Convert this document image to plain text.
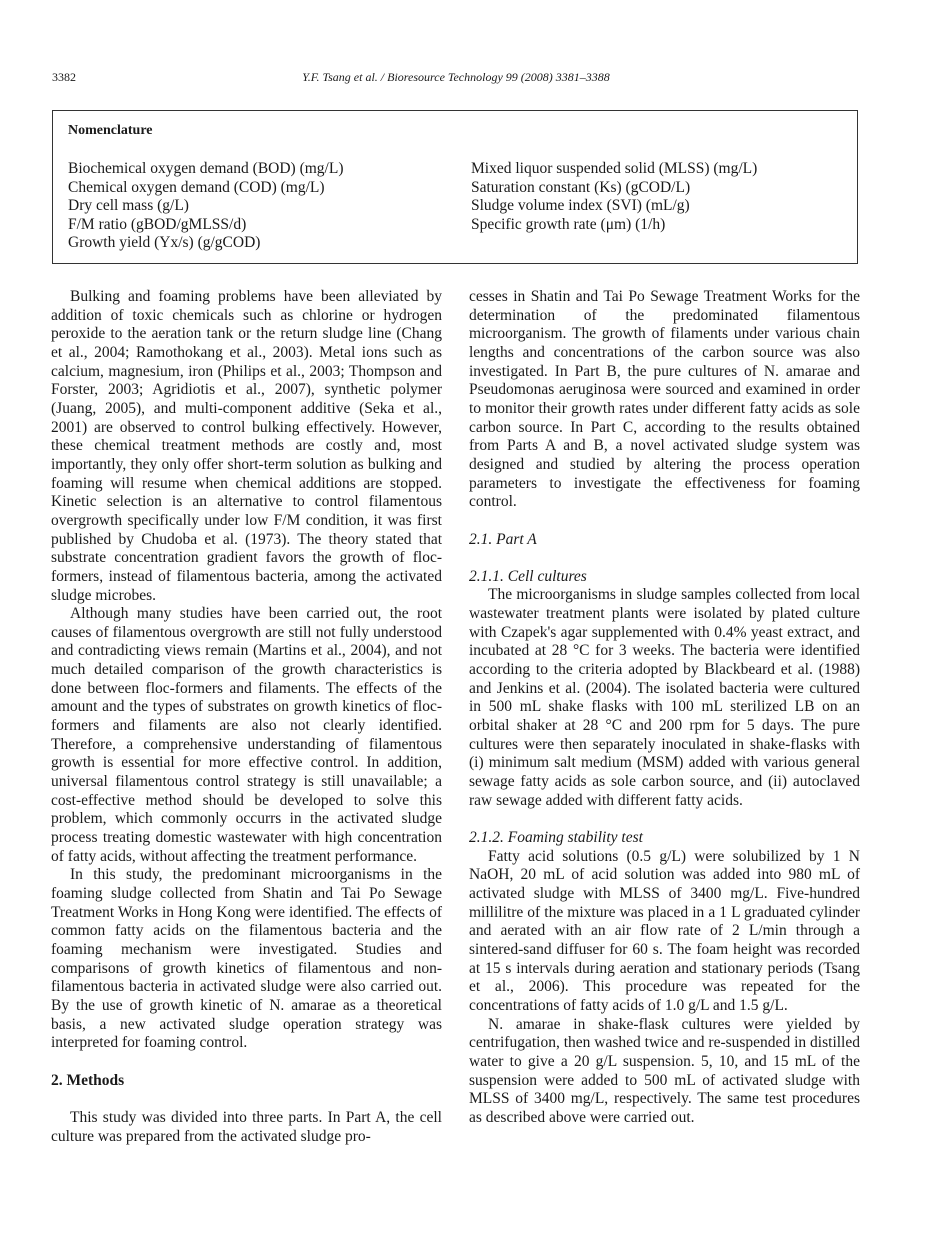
3382	Y.F. Tsang et al. / Bioresource Technology 99 (2008) 3381–3388
Nomenclature
Biochemical oxygen demand (BOD) (mg/L)
Chemical oxygen demand (COD) (mg/L)
Dry cell mass (g/L)
F/M ratio (gBOD/gMLSS/d)
Growth yield (Yx/s) (g/gCOD)
Mixed liquor suspended solid (MLSS) (mg/L)
Saturation constant (Ks) (gCOD/L)
Sludge volume index (SVI) (mL/g)
Specific growth rate (μm) (1/h)

Bulking and foaming problems have been alleviated by addition of toxic chemicals such as chlorine or hydrogen peroxide to the aeration tank or the return sludge line (Chang et al., 2004; Ramothokang et al., 2003). Metal ions such as calcium, magnesium, iron (Philips et al., 2003; Thompson and Forster, 2003; Agridiotis et al., 2007), synthetic polymer (Juang, 2005), and multi-component additive (Seka et al., 2001) are observed to control bulking effectively. However, these chemical treatment methods are costly and, most importantly, they only offer short-term solution as bulking and foaming will resume when chemical additions are stopped. Kinetic selection is an alternative to control filamentous overgrowth specifically under low F/M condition, it was first published by Chudoba et al. (1973). The theory stated that substrate concentration gradient favors the growth of floc-formers, instead of filamentous bacteria, among the activated sludge microbes.

Although many studies have been carried out, the root causes of filamentous overgrowth are still not fully understood and contradicting views remain (Martins et al., 2004), and not much detailed comparison of the growth characteristics is done between floc-formers and filaments. The effects of the amount and the types of substrates on growth kinetics of floc-formers and filaments are also not clearly identified. Therefore, a comprehensive understanding of filamentous growth is essential for more effective control. In addition, universal filamentous control strategy is still unavailable; a cost-effective method should be developed to solve this problem, which commonly occurrs in the activated sludge process treating domestic wastewater with high concentration of fatty acids, without affecting the treatment performance.

In this study, the predominant microorganisms in the foaming sludge collected from Shatin and Tai Po Sewage Treatment Works in Hong Kong were identified. The effects of common fatty acids on the filamentous bacteria and the foaming mechanism were investigated. Studies and comparisons of growth kinetics of filamentous and non-filamentous bacteria in activated sludge were also carried out. By the use of growth kinetic of N. amarae as a theoretical basis, a new activated sludge operation strategy was interpreted for foaming control.

2. Methods

This study was divided into three parts. In Part A, the cell culture was prepared from the activated sludge pro-

cesses in Shatin and Tai Po Sewage Treatment Works for the determination of the predominated filamentous microorganism. The growth of filaments under various chain lengths and concentrations of the carbon source was also investigated. In Part B, the pure cultures of N. amarae and Pseudomonas aeruginosa were sourced and examined in order to monitor their growth rates under different fatty acids as sole carbon source. In Part C, according to the results obtained from Parts A and B, a novel activated sludge system was designed and studied by altering the process operation parameters to investigate the effectiveness for foaming control.

2.1. Part A

2.1.1. Cell cultures

The microorganisms in sludge samples collected from local wastewater treatment plants were isolated by plated culture with Czapek's agar supplemented with 0.4% yeast extract, and incubated at 28 °C for 3 weeks. The bacteria were identified according to the criteria adopted by Blackbeard et al. (1988) and Jenkins et al. (2004). The isolated bacteria were cultured in 500 mL shake flasks with 100 mL sterilized LB on an orbital shaker at 28 °C and 200 rpm for 5 days. The pure cultures were then separately inoculated in shake-flasks with (i) minimum salt medium (MSM) added with various general sewage fatty acids as sole carbon source, and (ii) autoclaved raw sewage added with different fatty acids.

2.1.2. Foaming stability test

Fatty acid solutions (0.5 g/L) were solubilized by 1 N NaOH, 20 mL of acid solution was added into 980 mL of activated sludge with MLSS of 3400 mg/L. Five-hundred millilitre of the mixture was placed in a 1 L graduated cylinder and aerated with an air flow rate of 2 L/min through a sintered-sand diffuser for 60 s. The foam height was recorded at 15 s intervals during aeration and stationary periods (Tsang et al., 2006). This procedure was repeated for the concentrations of fatty acids of 1.0 g/L and 1.5 g/L.

N. amarae in shake-flask cultures were yielded by centrifugation, then washed twice and re-suspended in distilled water to give a 20 g/L suspension. 5, 10, and 15 mL of the suspension were added to 500 mL of activated sludge with MLSS of 3400 mg/L, respectively. The same test procedures as described above were carried out.
